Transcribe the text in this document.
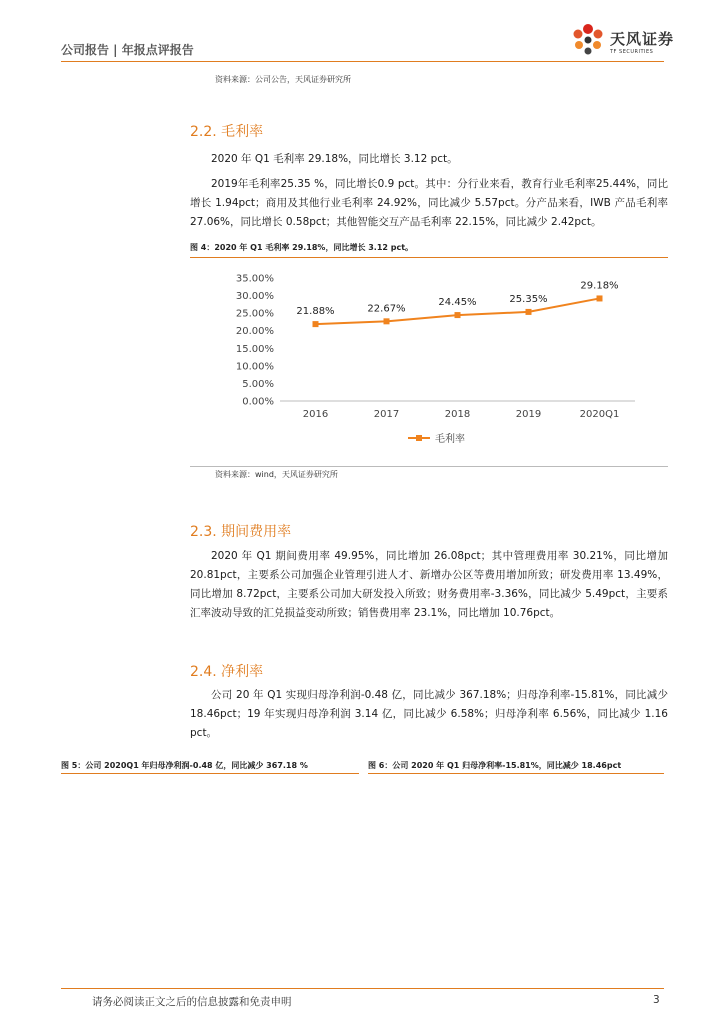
公司报告 | 年报点评报告
天风证券
TF SECURITIES
资料来源：公司公告，天风证券研究所
2.2. 毛利率

2020 年 Q1 毛利率 29.18%，同比增长 3.12 pct。

2019年毛利率25.35 %，同比增长0.9 pct。其中：分行业来看，教育行业毛利率25.44%，同比增长 1.94pct；商用及其他行业毛利率 24.92%，同比减少 5.57pct。分产品来看，IWB 产品毛利率 27.06%，同比增长 0.58pct；其他智能交互产品毛利率 22.15%，同比减少 2.42pct。

图 4：2020 年 Q1 毛利率 29.18%，同比增长 3.12 pct。
0.00%
5.00%
10.00%
15.00%
20.00%
25.00%
30.00%
35.00%
2016	2017	2018	2019	2020Q1
21.88%	22.67%
24.45%	25.35%
29.18%
毛利率
资料来源：wind，天风证券研究所
2.3. 期间费用率

2020 年 Q1 期间费用率 49.95%，同比增加 26.08pct；其中管理费用率 30.21%，同比增加 20.81pct，主要系公司加强企业管理引进人才、新增办公区等费用增加所致；研发费用率 13.49%，同比增加 8.72pct，主要系公司加大研发投入所致；财务费用率-3.36%，同比减少 5.49pct，主要系汇率波动导致的汇兑损益变动所致；销售费用率 23.1%，同比增加 10.76pct。

2.4. 净利率

公司 20 年 Q1 实现归母净利润-0.48 亿，同比减少 367.18%；归母净利率-15.81%，同比减少 18.46pct；19 年实现归母净利润 3.14 亿，同比减少 6.58%；归母净利率 6.56%，同比减少 1.16 pct。

图 5：公司 2020Q1 年归母净利润-0.48 亿，同比减少 367.18 %	图 6：公司 2020 年 Q1 归母净利率-15.81%，同比减少 18.46pct
请务必阅读正文之后的信息披露和免责申明	3
